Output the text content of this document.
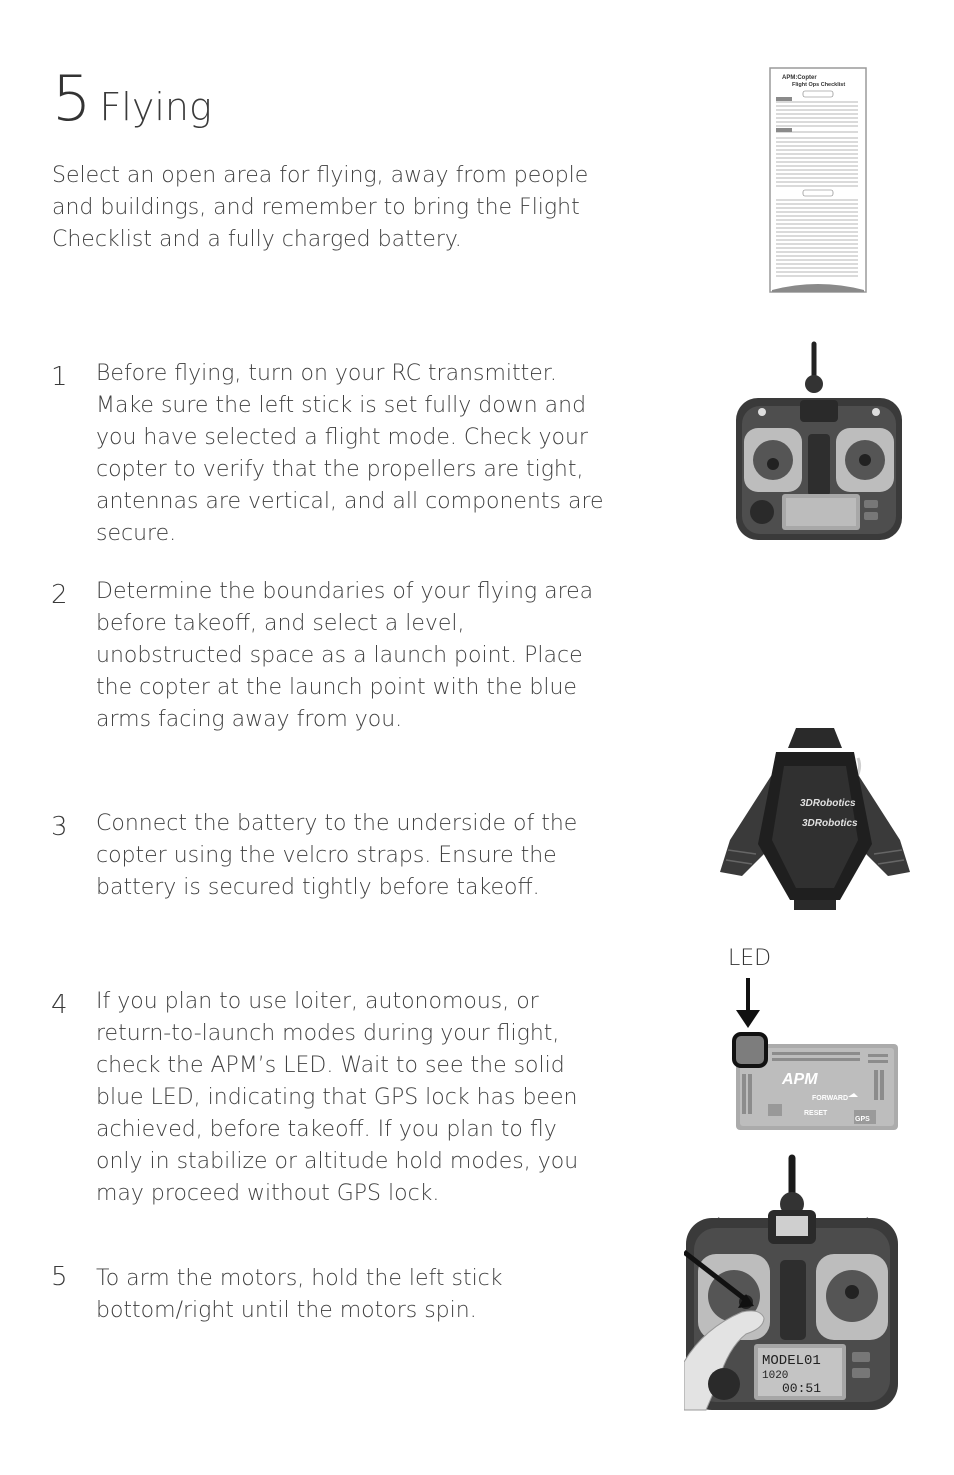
5 Flying

Select an open area for flying, away from people and buildings, and remember to bring the Flight Checklist and a fully charged battery.

APM:Copter
Flight Ops Checklist
1 Before flying, turn on your RC transmitter. Make sure the left stick is set fully down and you have selected a flight mode. Check your copter to verify that the propellers are tight, antennas are vertical, and all components are secure.

2 Determine the boundaries of your flying area before takeoff, and select a level, unobstructed space as a launch point. Place the copter at the launch point with the blue arms facing away from you.

3DRobotics
3DRobotics
3 Connect the battery to the underside of the copter using the velcro straps. Ensure the battery is secured tightly before takeoff.

LED
APM
FORWARD
RESET
GPS
4 If you plan to use loiter, autonomous, or return-to-launch modes during your flight, check the APM’s LED. Wait to see the solid blue LED, indicating that GPS lock has been achieved, before takeoff. If you plan to fly only in stabilize or altitude hold modes, you may proceed without GPS lock.

5 To arm the motors, hold the left stick bottom/right until the motors spin.

MODEL01
1020
00:51
